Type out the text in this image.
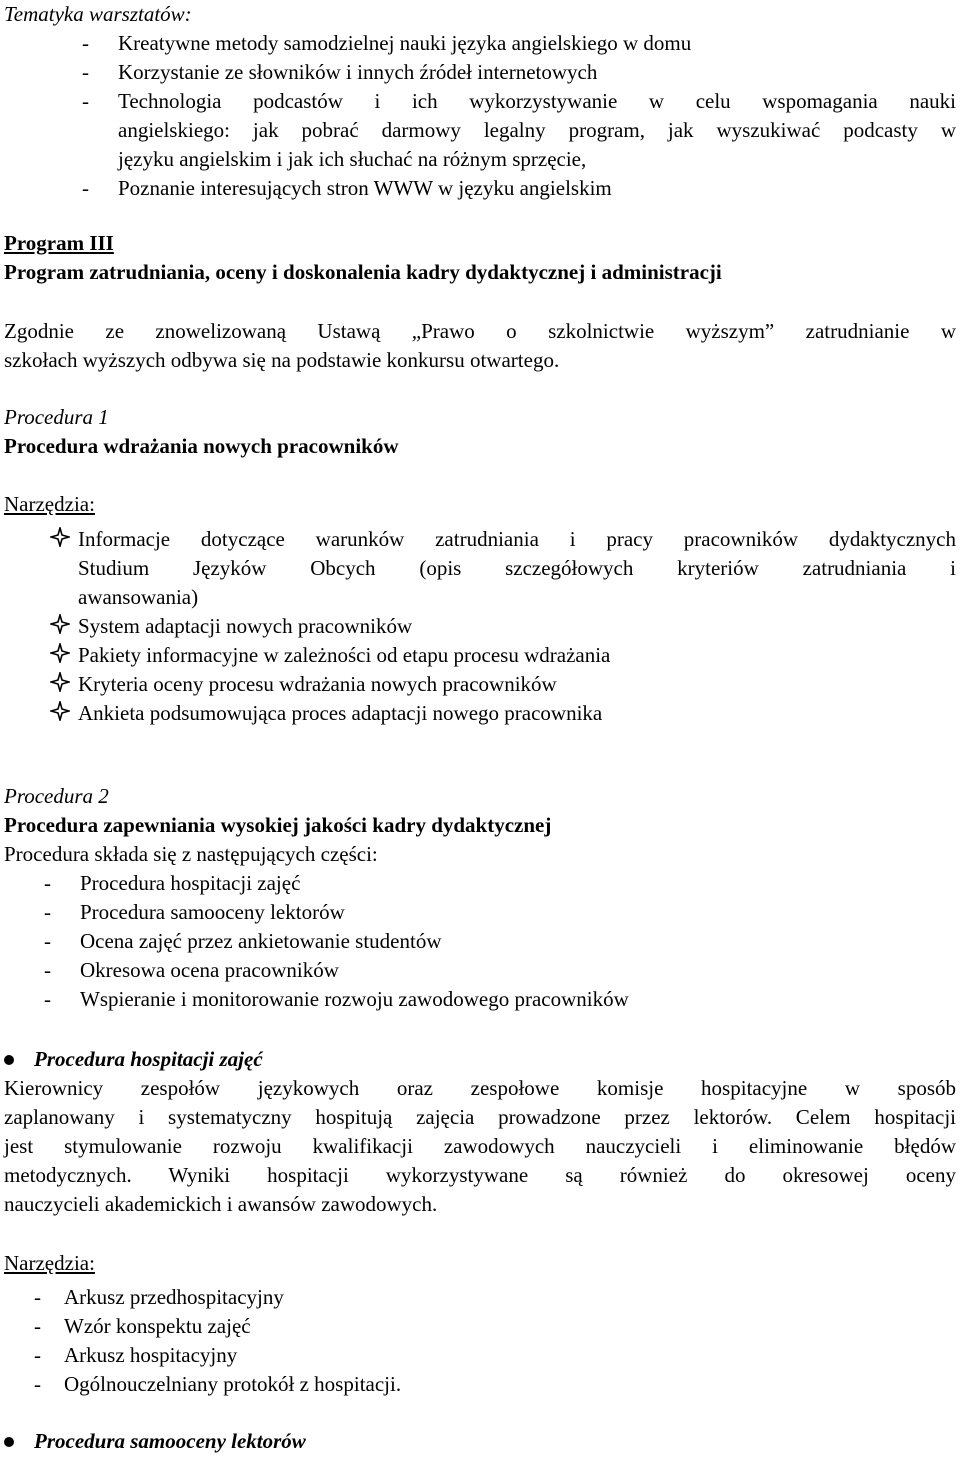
Tematyka warsztatów:
- Kreatywne metody samodzielnej nauki języka angielskiego w domu
- Korzystanie ze słowników i innych źródeł internetowych
- Technologia podcastów i ich wykorzystywanie w celu wspomagania nauki
angielskiego: jak pobrać darmowy legalny program, jak wyszukiwać podcasty w
języku angielskim i jak ich słuchać na różnym sprzęcie,
- Poznanie interesujących stron WWW w języku angielskim
Program III
Program zatrudniania, oceny i doskonalenia kadry dydaktycznej i administracji
Zgodnie ze znowelizowaną Ustawą „Prawo o szkolnictwie wyższym” zatrudnianie w
szkołach wyższych odbywa się na podstawie konkursu otwartego.
Procedura 1
Procedura wdrażania nowych pracowników
Narzędzia:
Informacje dotyczące warunków zatrudniania i pracy pracowników dydaktycznych
Studium Języków Obcych (opis szczegółowych kryteriów zatrudniania i
awansowania)
System adaptacji nowych pracowników
Pakiety informacyjne w zależności od etapu procesu wdrażania
Kryteria oceny procesu wdrażania nowych pracowników
Ankieta podsumowująca proces adaptacji nowego pracownika
Procedura 2
Procedura zapewniania wysokiej jakości kadry dydaktycznej
Procedura składa się z następujących części:
- Procedura hospitacji zajęć
- Procedura samooceny lektorów
- Ocena zajęć przez ankietowanie studentów
- Okresowa ocena pracowników
- Wspieranie i monitorowanie rozwoju zawodowego pracowników
Procedura hospitacji zajęć
Kierownicy zespołów językowych oraz zespołowe komisje hospitacyjne w sposób
zaplanowany i systematyczny hospitują zajęcia prowadzone przez lektorów. Celem hospitacji
jest stymulowanie rozwoju kwalifikacji zawodowych nauczycieli i eliminowanie błędów
metodycznych. Wyniki hospitacji wykorzystywane są również do okresowej oceny
nauczycieli akademickich i awansów zawodowych.
Narzędzia:
- Arkusz przedhospitacyjny
- Wzór konspektu zajęć
- Arkusz hospitacyjny
- Ogólnouczelniany protokół z hospitacji.
Procedura samooceny lektorów
